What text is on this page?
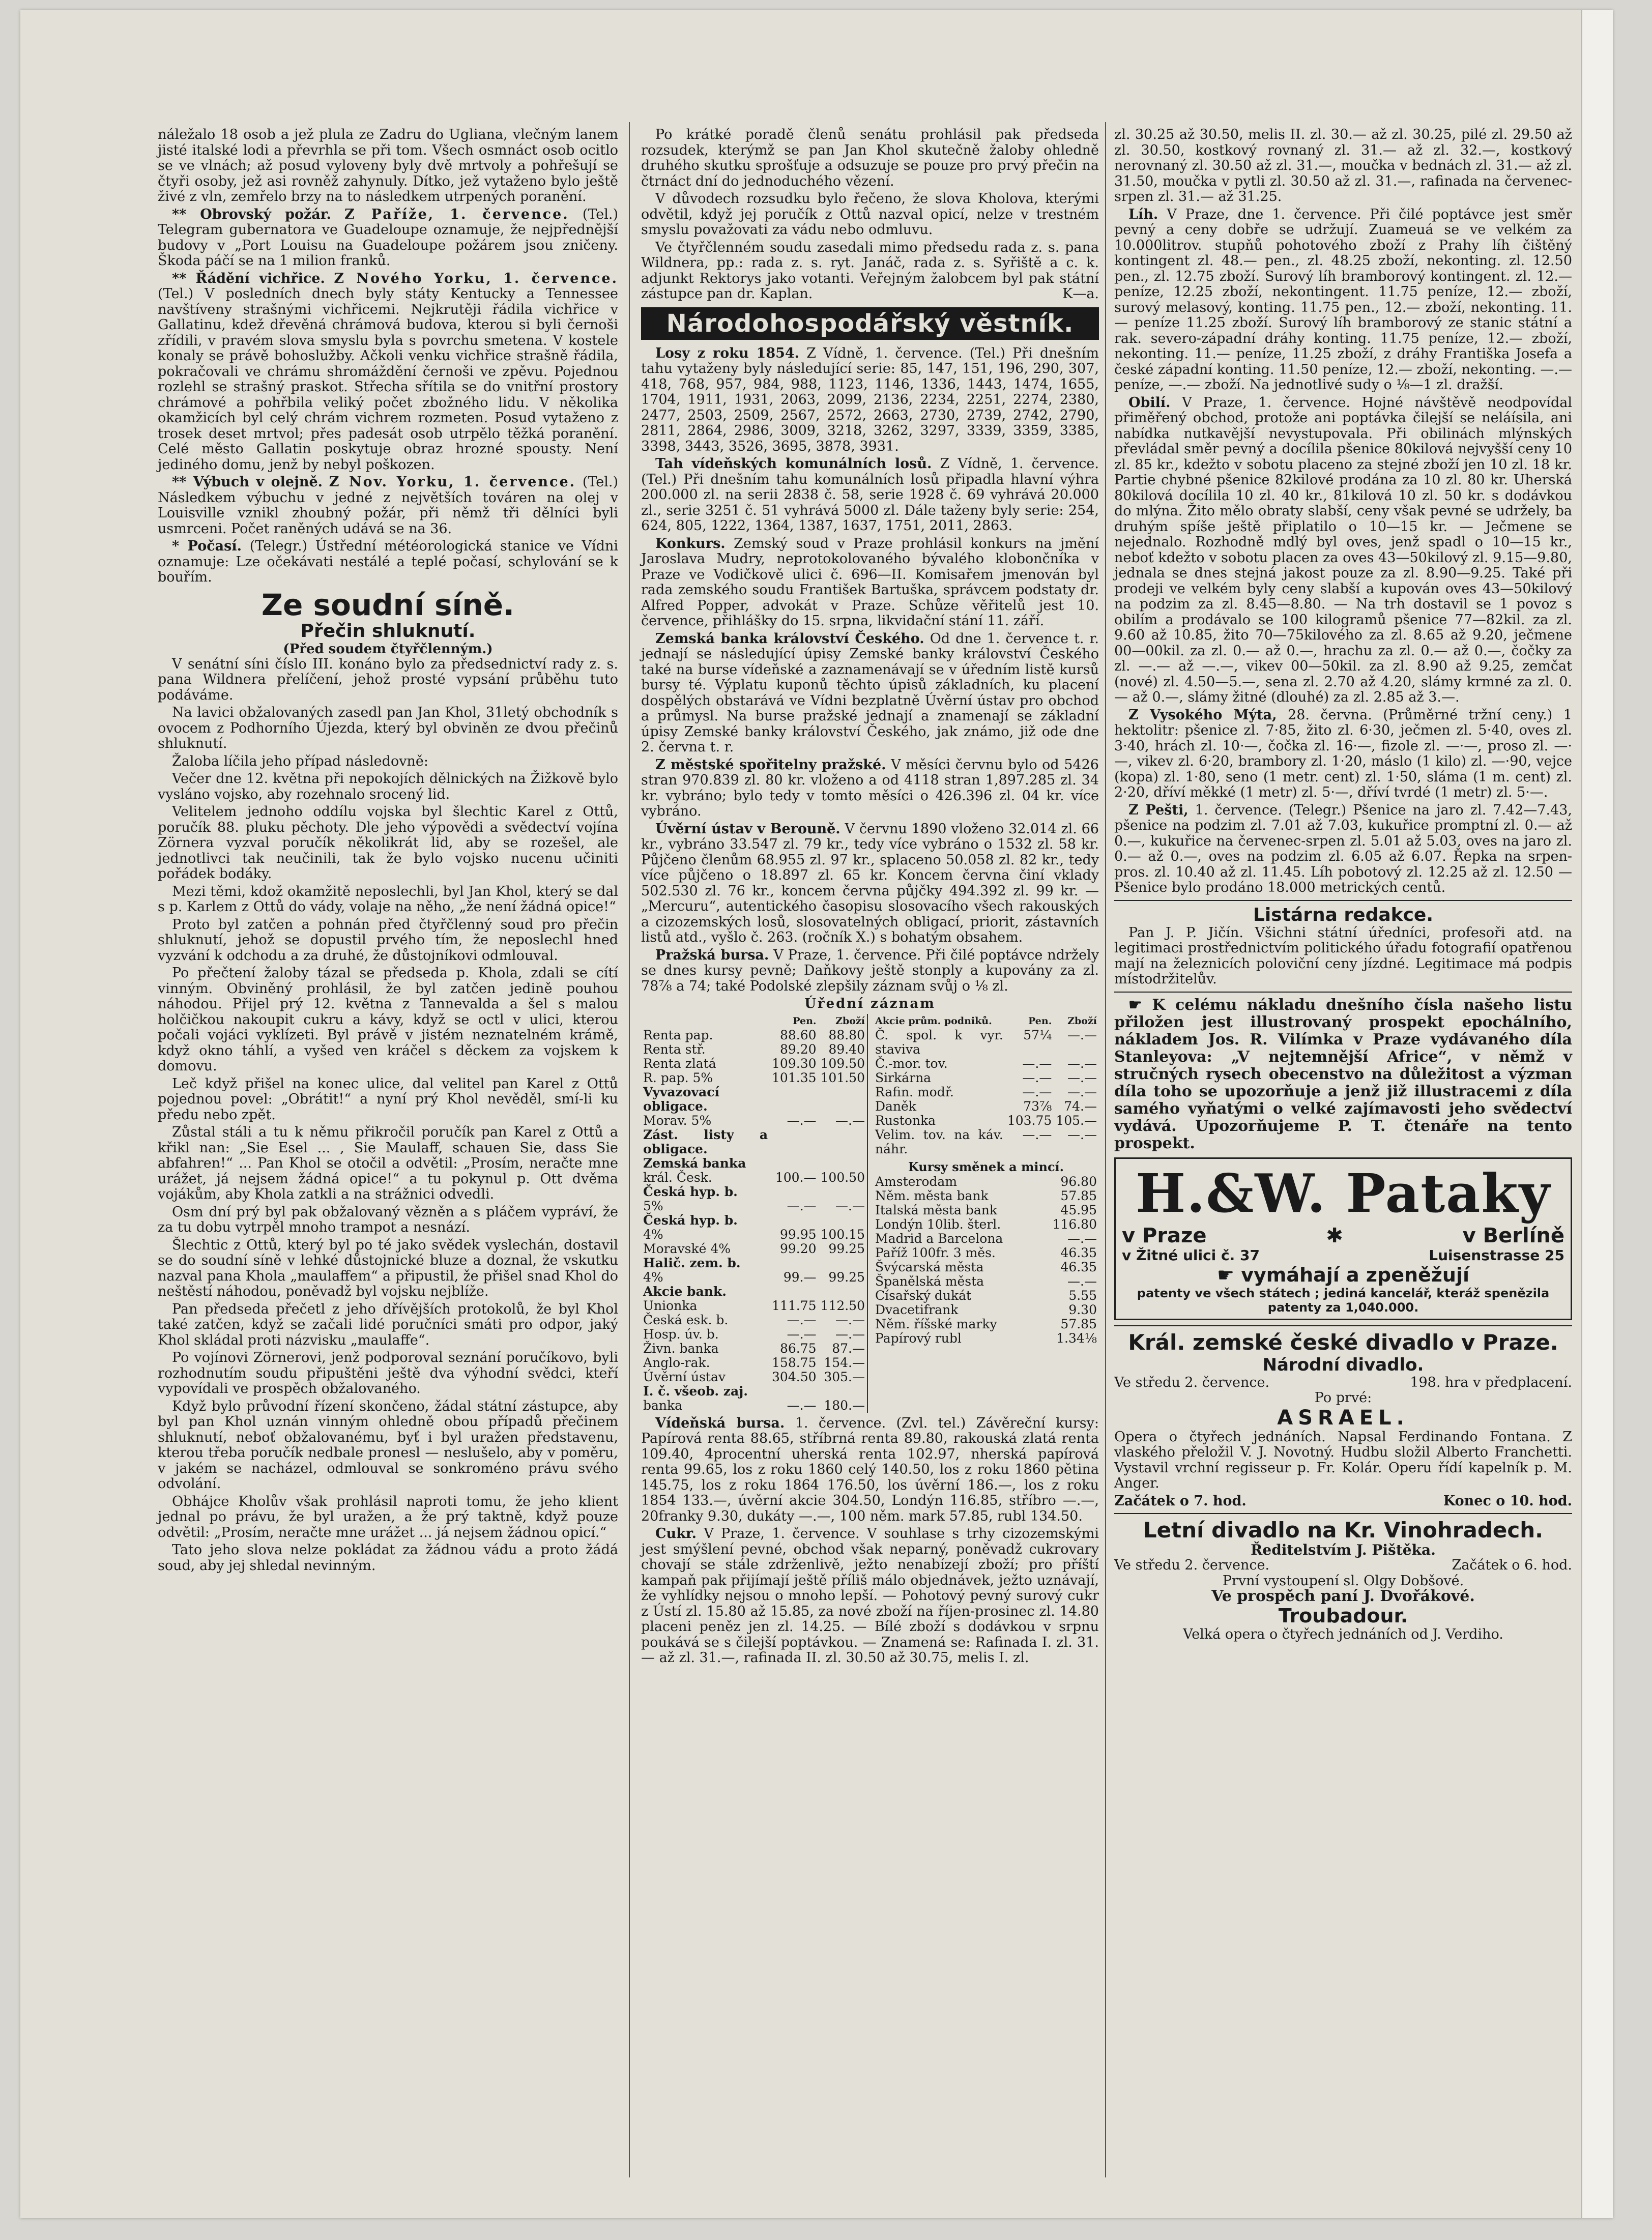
náležalo 18 osob a jež plula ze Zadru do Ugliana, vlečným lanem jisté italské lodi a převrhla se při tom. Všech osmnáct osob ocitlo se ve vlnách; až posud vyloveny byly dvě mrtvoly a pohřešují se čtyři osoby, jež asi rovněž zahynuly. Dítko, jež vytaženo bylo ještě živé z vln, zemřelo brzy na to následkem utrpených poranění.

** Obrovský požár. Z Paříže, 1. července. (Tel.) Telegram gubernatora ve Guadeloupe oznamuje, že nejpřednější budovy v „Port Louisu na Guadeloupe požárem jsou zničeny. Škoda páčí se na 1 milion franků.

** Řádění vichřice. Z Nového Yorku, 1. července. (Tel.) V posledních dnech byly státy Kentucky a Tennessee navštíveny strašnými vichřicemi. Nejkrutěji řádila vichřice v Gallatinu, kdež dřevěná chrámová budova, kterou si byli černoši zřídili, v pravém slova smyslu byla s povrchu smetena. V kostele konaly se právě bohoslužby. Ačkoli venku vichřice strašně řádila, pokračovali ve chrámu shromáždění černoši ve zpěvu. Pojednou rozlehl se strašný praskot. Střecha sřítila se do vnitřní prostory chrámové a pohřbila veliký počet zbožného lidu. V několika okamžicích byl celý chrám vichrem rozmeten. Posud vytaženo z trosek deset mrtvol; přes padesát osob utrpělo těžká poranění. Celé město Gallatin poskytuje obraz hrozné spousty. Není jediného domu, jenž by nebyl poškozen.

** Výbuch v olejně. Z Nov. Yorku, 1. července. (Tel.) Následkem výbuchu v jedné z největších továren na olej v Louisville vznikl zhoubný požár, při němž tři dělníci byli usmrceni. Počet raněných udává se na 36.

* Počasí. (Telegr.) Ústřední météorologická stanice ve Vídni oznamuje: Lze očekávati nestálé a teplé počasí, schylování se k bouřím.

Ze soudní síně.
Přečin shluknutí.
(Před soudem čtyřčlenným.)

V senátní síni číslo III. konáno bylo za předsednictví rady z. s. pana Wildnera přelíčení, jehož prosté vypsání průběhu tuto podáváme.

Na lavici obžalovaných zasedl pan Jan Khol, 31letý obchodník s ovocem z Podhorního Újezda, který byl obviněn ze dvou přečinů shluknutí.

Žaloba líčila jeho případ následovně:

Večer dne 12. května při nepokojích dělnických na Žižkově bylo vysláno vojsko, aby rozehnalo srocený lid.

Velitelem jednoho oddílu vojska byl šlechtic Karel z Ottů, poručík 88. pluku pěchoty. Dle jeho výpovědi a svědectví vojína Zörnera vyzval poručík několikrát lid, aby se rozešel, ale jednotlivci tak neučinili, tak že bylo vojsko nucenu učiniti pořádek bodáky.

Mezi těmi, kdož okamžitě neposlechli, byl Jan Khol, který se dal s p. Karlem z Ottů do vády, volaje na něho, „že není žádná opice!“

Proto byl zatčen a pohnán před čtyřčlenný soud pro přečin shluknutí, jehož se dopustil prvého tím, že neposlechl hned vyzvání k odchodu a za druhé, že důstojníkovi odmlouval.

Po přečtení žaloby tázal se předseda p. Khola, zdali se cítí vinným. Obviněný prohlásil, že byl zatčen jedině pouhou náhodou. Přijel prý 12. května z Tannevalda a šel s malou holčičkou nakoupit cukru a kávy, když se octl v ulici, kterou počali vojáci vyklízeti. Byl právě v jistém neznatelném krámě, když okno táhlí, a vyšed ven kráčel s děckem za vojskem k domovu.

Leč když přišel na konec ulice, dal velitel pan Karel z Ottů pojednou povel: „Obrátit!“ a nyní prý Khol nevěděl, smí-li ku předu nebo zpět.

Zůstal stáli a tu k němu přikročil poručík pan Karel z Ottů a křikl nan: „Sie Esel ... , Sie Maulaff, schauen Sie, dass Sie abfahren!“ ... Pan Khol se otočil a odvětil: „Prosím, neračte mne urážet, já nejsem žádná opice!“ a tu pokynul p. Ott dvěma vojákům, aby Khola zatkli a na strážnici odvedli.

Osm dní prý byl pak obžalovaný vězněn a s pláčem vypráví, že za tu dobu vytrpěl mnoho trampot a nesnází.

Šlechtic z Ottů, který byl po té jako svědek vyslechán, dostavil se do soudní síně v lehké důstojnické bluze a doznal, že vskutku nazval pana Khola „maulaffem“ a připustil, že přišel snad Khol do neštěstí náhodou, poněvadž byl vojsku nejblíže.

Pan předseda přečetl z jeho dřívějších protokolů, že byl Khol také zatčen, když se začali lidé poručníci smáti pro odpor, jaký Khol skládal proti názvisku „maulaffe“.

Po vojínovi Zörnerovi, jenž podporoval seznání poručíkovo, byli rozhodnutím soudu připuštěni ještě dva výhodní svědci, kteří vypovídali ve prospěch obžalovaného.

Když bylo průvodní řízení skončeno, žádal státní zástupce, aby byl pan Khol uznán vinným ohledně obou případů přečinem shluknutí, neboť obžalovanému, byť i byl uražen představenu, kterou třeba poručík nedbale pronesl — neslušelo, aby v poměru, v jakém se nacházel, odmlouval se sonkroméno právu svého odvolání.

Obhájce Kholův však prohlásil naproti tomu, že jeho klient jednal po právu, že byl uražen, a že prý taktně, když pouze odvětil: „Prosím, neračte mne urážet ... já nejsem žádnou opicí.“

Tato jeho slova nelze pokládat za žádnou vádu a proto žádá soud, aby jej shledal nevinným.

Po krátké poradě členů senátu prohlásil pak předseda rozsudek, kterýmž se pan Jan Khol skutečně žaloby ohledně druhého skutku sprošťuje a odsuzuje se pouze pro prvý přečin na čtrnáct dní do jednoduchého vězení.

V důvodech rozsudku bylo řečeno, že slova Kholova, kterými odvětil, když jej poručík z Ottů nazval opicí, nelze v trestném smyslu považovati za vádu nebo odmluvu.

Ve čtyřčlenném soudu zasedali mimo předsedu rada z. s. pana Wildnera, pp.: rada z. s. ryt. Janáč, rada z. s. Syřiště a c. k. adjunkt Rektorys jako votanti. Veřejným žalobcem byl pak státní zástupce pan dr. Kaplan.	K—a.

Národohospodářský věstník.

Losy z roku 1854. Z Vídně, 1. července. (Tel.) Při dnešním tahu vytaženy byly následující serie: 85, 147, 151, 196, 290, 307, 418, 768, 957, 984, 988, 1123, 1146, 1336, 1443, 1474, 1655, 1704, 1911, 1931, 2063, 2099, 2136, 2234, 2251, 2274, 2380, 2477, 2503, 2509, 2567, 2572, 2663, 2730, 2739, 2742, 2790, 2811, 2864, 2986, 3009, 3218, 3262, 3297, 3339, 3359, 3385, 3398, 3443, 3526, 3695, 3878, 3931.

Tah vídeňských komunálních losů. Z Vídně, 1. července. (Tel.) Při dnešním tahu komunálních losů připadla hlavní výhra 200.000 zl. na serii 2838 č. 58, serie 1928 č. 69 vyhrává 20.000 zl., serie 3251 č. 51 vyhrává 5000 zl. Dále taženy byly serie: 254, 624, 805, 1222, 1364, 1387, 1637, 1751, 2011, 2863.

Konkurs. Zemský soud v Praze prohlásil konkurs na jmění Jaroslava Mudry, neprotokolovaného bývalého klobončníka v Praze ve Vodičkově ulici č. 696—II. Komisařem jmenován byl rada zemského soudu František Bartuška, správcem podstaty dr. Alfred Popper, advokát v Praze. Schůze věřitelů jest 10. července, přihlášky do 15. srpna, likvidační stání 11. září.

Zemská banka království Českého. Od dne 1. července t. r. jednají se následující úpisy Zemské banky království Českého také na burse vídeňské a zaznamenávají se v úředním listě kursů bursy té. Výplatu kuponů těchto úpisů základních, ku placení dospělých obstarává ve Vídni bezplatně Úvěrní ústav pro obchod a průmysl. Na burse pražské jednají a znamenají se základní úpisy Zemské banky království Českého, jak známo, již ode dne 2. června t. r.

Z městské spořitelny pražské. V měsíci červnu bylo od 5426 stran 970.839 zl. 80 kr. vloženo a od 4118 stran 1,897.285 zl. 34 kr. vybráno; bylo tedy v tomto měsíci o 426.396 zl. 04 kr. více vybráno.

Úvěrní ústav v Berouně. V červnu 1890 vloženo 32.014 zl. 66 kr., vybráno 33.547 zl. 79 kr., tedy více vybráno o 1532 zl. 58 kr. Půjčeno členům 68.955 zl. 97 kr., splaceno 50.058 zl. 82 kr., tedy více půjčeno o 18.897 zl. 65 kr. Koncem června činí vklady 502.530 zl. 76 kr., koncem června půjčky 494.392 zl. 99 kr. — „Mercuru“, autentického časopisu slosovacího všech rakouských a cizozemských losů, slosovatelných obligací, priorit, zástavních listů atd., vyšlo č. 263. (ročník X.) s bohatým obsahem.

Pražská bursa. V Praze, 1. července. Při čilé poptávce ndržely se dnes kursy pevně; Daňkovy ještě stonply a kupovány za zl. 78⅞ a 74; také Podolské zlepšily záznam svůj o ⅛ zl.

Úřední záznam
	Pen.	Zboží
Renta pap.	88.60	88.80
Renta stř.	89.20	89.40
Renta zlatá	109.30	109.50
R. pap. 5%	101.35	101.50
Vyvazovací obligace.		
Morav. 5%	—.—	—.—
Zást. listy a obligace.		
Zemská banka		
král. Česk.	100.—	100.50
Česká hyp. b.		
5%	—.—	—.—
Česká hyp. b.		
4%	99.95	100.15
Moravské 4%	99.20	99.25
Halič. zem. b.		
4%	99.—	99.25
Akcie bank.		
Unionka	111.75	112.50
Česká esk. b.	—.—	—.—
Hosp. úv. b.	—.—	—.—
Živn. banka	86.75	87.—
Anglo-rak.	158.75	154.—
Úvěrní ústav	304.50	305.—
I. č. všeob. zaj.		
banka	—.—	180.—
Akcie prům. podniků.	Pen.	Zboží
Č. spol. k vyr. staviva	57¼	—.—
Č.-mor. tov.	—.—	—.—
Sirkárna	—.—	—.—
Rafin. modř.	—.—	—.—
Daněk	73⅞	74.—
Rustonka	103.75	105.—
Velim. tov. na káv. náhr.	—.—	—.—
Kursy směnek a mincí.
Amsterodam	96.80
Něm. města bank	57.85
Italská města bank	45.95
Londýn 10lib. šterl.	116.80
Madrid a Barcelona	—.—
Paříž 100fr. 3 měs.	46.35
Švýcarská města	46.35
Španělská města	—.—
Císařský dukát	5.55
Dvacetifrank	9.30
Něm. říšské marky	57.85
Papírový rubl	1.34⅛

Vídeňská bursa. 1. července. (Zvl. tel.) Závěreční kursy: Papírová renta 88.65, stříbrná renta 89.80, rakouská zlatá renta 109.40, 4procentní uherská renta 102.97, nherská papírová renta 99.65, los z roku 1860 celý 140.50, los z roku 1860 pětina 145.75, los z roku 1864 176.50, los úvěrní 186.—, los z roku 1854 133.—, úvěrní akcie 304.50, Londýn 116.85, stříbro —.—, 20franky 9.30, dukáty —.—, 100 něm. mark 57.85, rubl 134.50.

Cukr. V Praze, 1. července. V souhlase s trhy cizozemskými jest smýšlení pevné, obchod však neparný, poněvadž cukrovary chovají se stále zdrženlivě, ježto nenabízejí zboží; pro příští kampaň pak přijímají ještě příliš málo objednávek, ježto uznávají, že vyhlídky nejsou o mnoho lepší. — Pohotový pevný surový cukr z Ústí zl. 15.80 až 15.85, za nové zboží na říjen-prosinec zl. 14.80 placeni peněz jen zl. 14.25. — Bílé zboží s dodávkou v srpnu poukává se s čilejší poptávkou. — Znamená se: Rafinada I. zl. 31.— až zl. 31.—, rafinada II. zl. 30.50 až 30.75, melis I. zl.

zl. 30.25 až 30.50, melis II. zl. 30.— až zl. 30.25, pilé zl. 29.50 až zl. 30.50, kostkový rovnaný zl. 31.— až zl. 32.—, kostkový nerovnaný zl. 30.50 až zl. 31.—, moučka v bednách zl. 31.— až zl. 31.50, moučka v pytli zl. 30.50 až zl. 31.—, rafinada na červenec-srpen zl. 31.— až 31.25.

Líh. V Praze, dne 1. července. Při čilé poptávce jest směr pevný a ceny dobře se udržují. Zuameuá se ve velkém za 10.000litrov. stupňů pohotového zboží z Prahy líh čištěný kontingent zl. 48.— pen., zl. 48.25 zboží, nekonting. zl. 12.50 pen., zl. 12.75 zboží. Surový líh bramborový kontingent. zl. 12.— peníze, 12.25 zboží, nekontingent. 11.75 peníze, 12.— zboží, surový melasový, konting. 11.75 pen., 12.— zboží, nekonting. 11.— peníze 11.25 zboží. Surový líh bramborový ze stanic státní a rak. severo-západní dráhy konting. 11.75 peníze, 12.— zboží, nekonting. 11.— peníze, 11.25 zboží, z dráhy Františka Josefa a české západní konting. 11.50 peníze, 12.— zboží, nekonting. —.— peníze, —.— zboží. Na jednotlivé sudy o ⅛—1 zl. dražší.

Obilí. V Praze, 1. července. Hojné návštěvě neodpovídal přiměřený obchod, protože ani poptávka čilejší se neláísila, ani nabídka nutkavější nevystupovala. Při obilinách mlýnských převládal směr pevný a docílila pšenice 80kilová nejvyšší ceny 10 zl. 85 kr., kdežto v sobotu placeno za stejné zboží jen 10 zl. 18 kr. Partie chybné pšenice 82kilové prodána za 10 zl. 80 kr. Uherská 80kilová docílila 10 zl. 40 kr., 81kilová 10 zl. 50 kr. s dodávkou do mlýna. Žito mělo obraty slabší, ceny však pevné se udržely, ba druhým spíše ještě připlatilo o 10—15 kr. — Ječmene se nejednalo. Rozhodně mdlý byl oves, jenž spadl o 10—15 kr., neboť kdežto v sobotu placen za oves 43—50kilový zl. 9.15—9.80, jednala se dnes stejná jakost pouze za zl. 8.90—9.25. Také při prodeji ve velkém byly ceny slabší a kupován oves 43—50kilový na podzim za zl. 8.45—8.80. — Na trh dostavil se 1 povoz s obilím a prodávalo se 100 kilogramů pšenice 77—82kil. za zl. 9.60 až 10.85, žito 70—75kilového za zl. 8.65 až 9.20, ječmene 00—00kil. za zl. 0.— až 0.—, hrachu za zl. 0.— až 0.—, čočky za zl. —.— až —.—, vikev 00—50kil. za zl. 8.90 až 9.25, zemčat (nové) zl. 4.50—5.—, sena zl. 2.70 až 4.20, slámy krmné za zl. 0.— až 0.—, slámy žitné (dlouhé) za zl. 2.85 až 3.—.

Z Vysokého Mýta, 28. června. (Průměrné tržní ceny.) 1 hektolitr: pšenice zl. 7·85, žito zl. 6·30, ječmen zl. 5·40, oves zl. 3·40, hrách zl. 10·—, čočka zl. 16·—, fizole zl. —·—, proso zl. —·—, vikev zl. 6·20, brambory zl. 1·20, máslo (1 kilo) zl. —·90, vejce (kopa) zl. 1·80, seno (1 metr. cent) zl. 1·50, sláma (1 m. cent) zl. 2·20, dříví měkké (1 metr) zl. 5·—, dříví tvrdé (1 metr) zl. 5·—.

Z Pešti, 1. července. (Telegr.) Pšenice na jaro zl. 7.42—7.43, pšenice na podzim zl. 7.01 až 7.03, kukuřice promptní zl. 0.— až 0.—, kukuřice na červenec-srpen zl. 5.01 až 5.03, oves na jaro zl. 0.— až 0.—, oves na podzim zl. 6.05 až 6.07. Řepka na srpen-pros. zl. 10.40 až zl. 11.45. Líh pobotový zl. 12.25 až zl. 12.50 — Pšenice bylo prodáno 18.000 metrických centů.

Listárna redakce.

Pan J. P. Jičín. Všichni státní úředníci, profesoři atd. na legitimaci prostřednictvím politického úřadu fotografií opatřenou mají na železnicích poloviční ceny jízdné. Legitimace má podpis místodržitelův.

☛ K celému nákladu dnešního čísla našeho listu přiložen jest illustrovaný prospekt epochálního, nákladem Jos. R. Vilímka v Praze vydávaného díla Stanleyova: „V nejtemnější Africe“, v němž v stručných rysech obecenstvo na důležitost a výzman díla toho se upozorňuje a jenž již illustracemi z díla samého vyňatými o velké zajímavosti jeho svědectví vydává. Upozorňujeme P. T. čtenáře na tento prospekt.

H.&W. Pataky
v Praze	✱	v Berlíně
v Žitné ulici č. 37	Luisenstrasse 25
☛ vymáhají a zpeněžují
patenty ve všech státech ; jediná kancelář, kteráž spenězila patenty za 1,040.000.
Král. zemské české divadlo v Praze.
Národní divadlo.
Ve středu 2. července.	198. hra v předplacení.
Po prvé:
ASRAEL.

Opera o čtyřech jednáních. Napsal Ferdinando Fontana. Z vlaského přeložil V. J. Novotný. Hudbu složil Alberto Franchetti. Vystavil vrchní regisseur p. Fr. Kolár. Operu řídí kapelník p. M. Anger.

Začátek o 7. hod.	Konec o 10. hod.
Letní divadlo na Kr. Vinohradech.
Ředitelstvím J. Pištěka.
Ve středu 2. července.	Začátek o 6. hod.
První vystoupení sl. Olgy Dobšové.
Ve prospěch paní J. Dvořákové.
Troubadour.
Velká opera o čtyřech jednáních od J. Verdiho.
